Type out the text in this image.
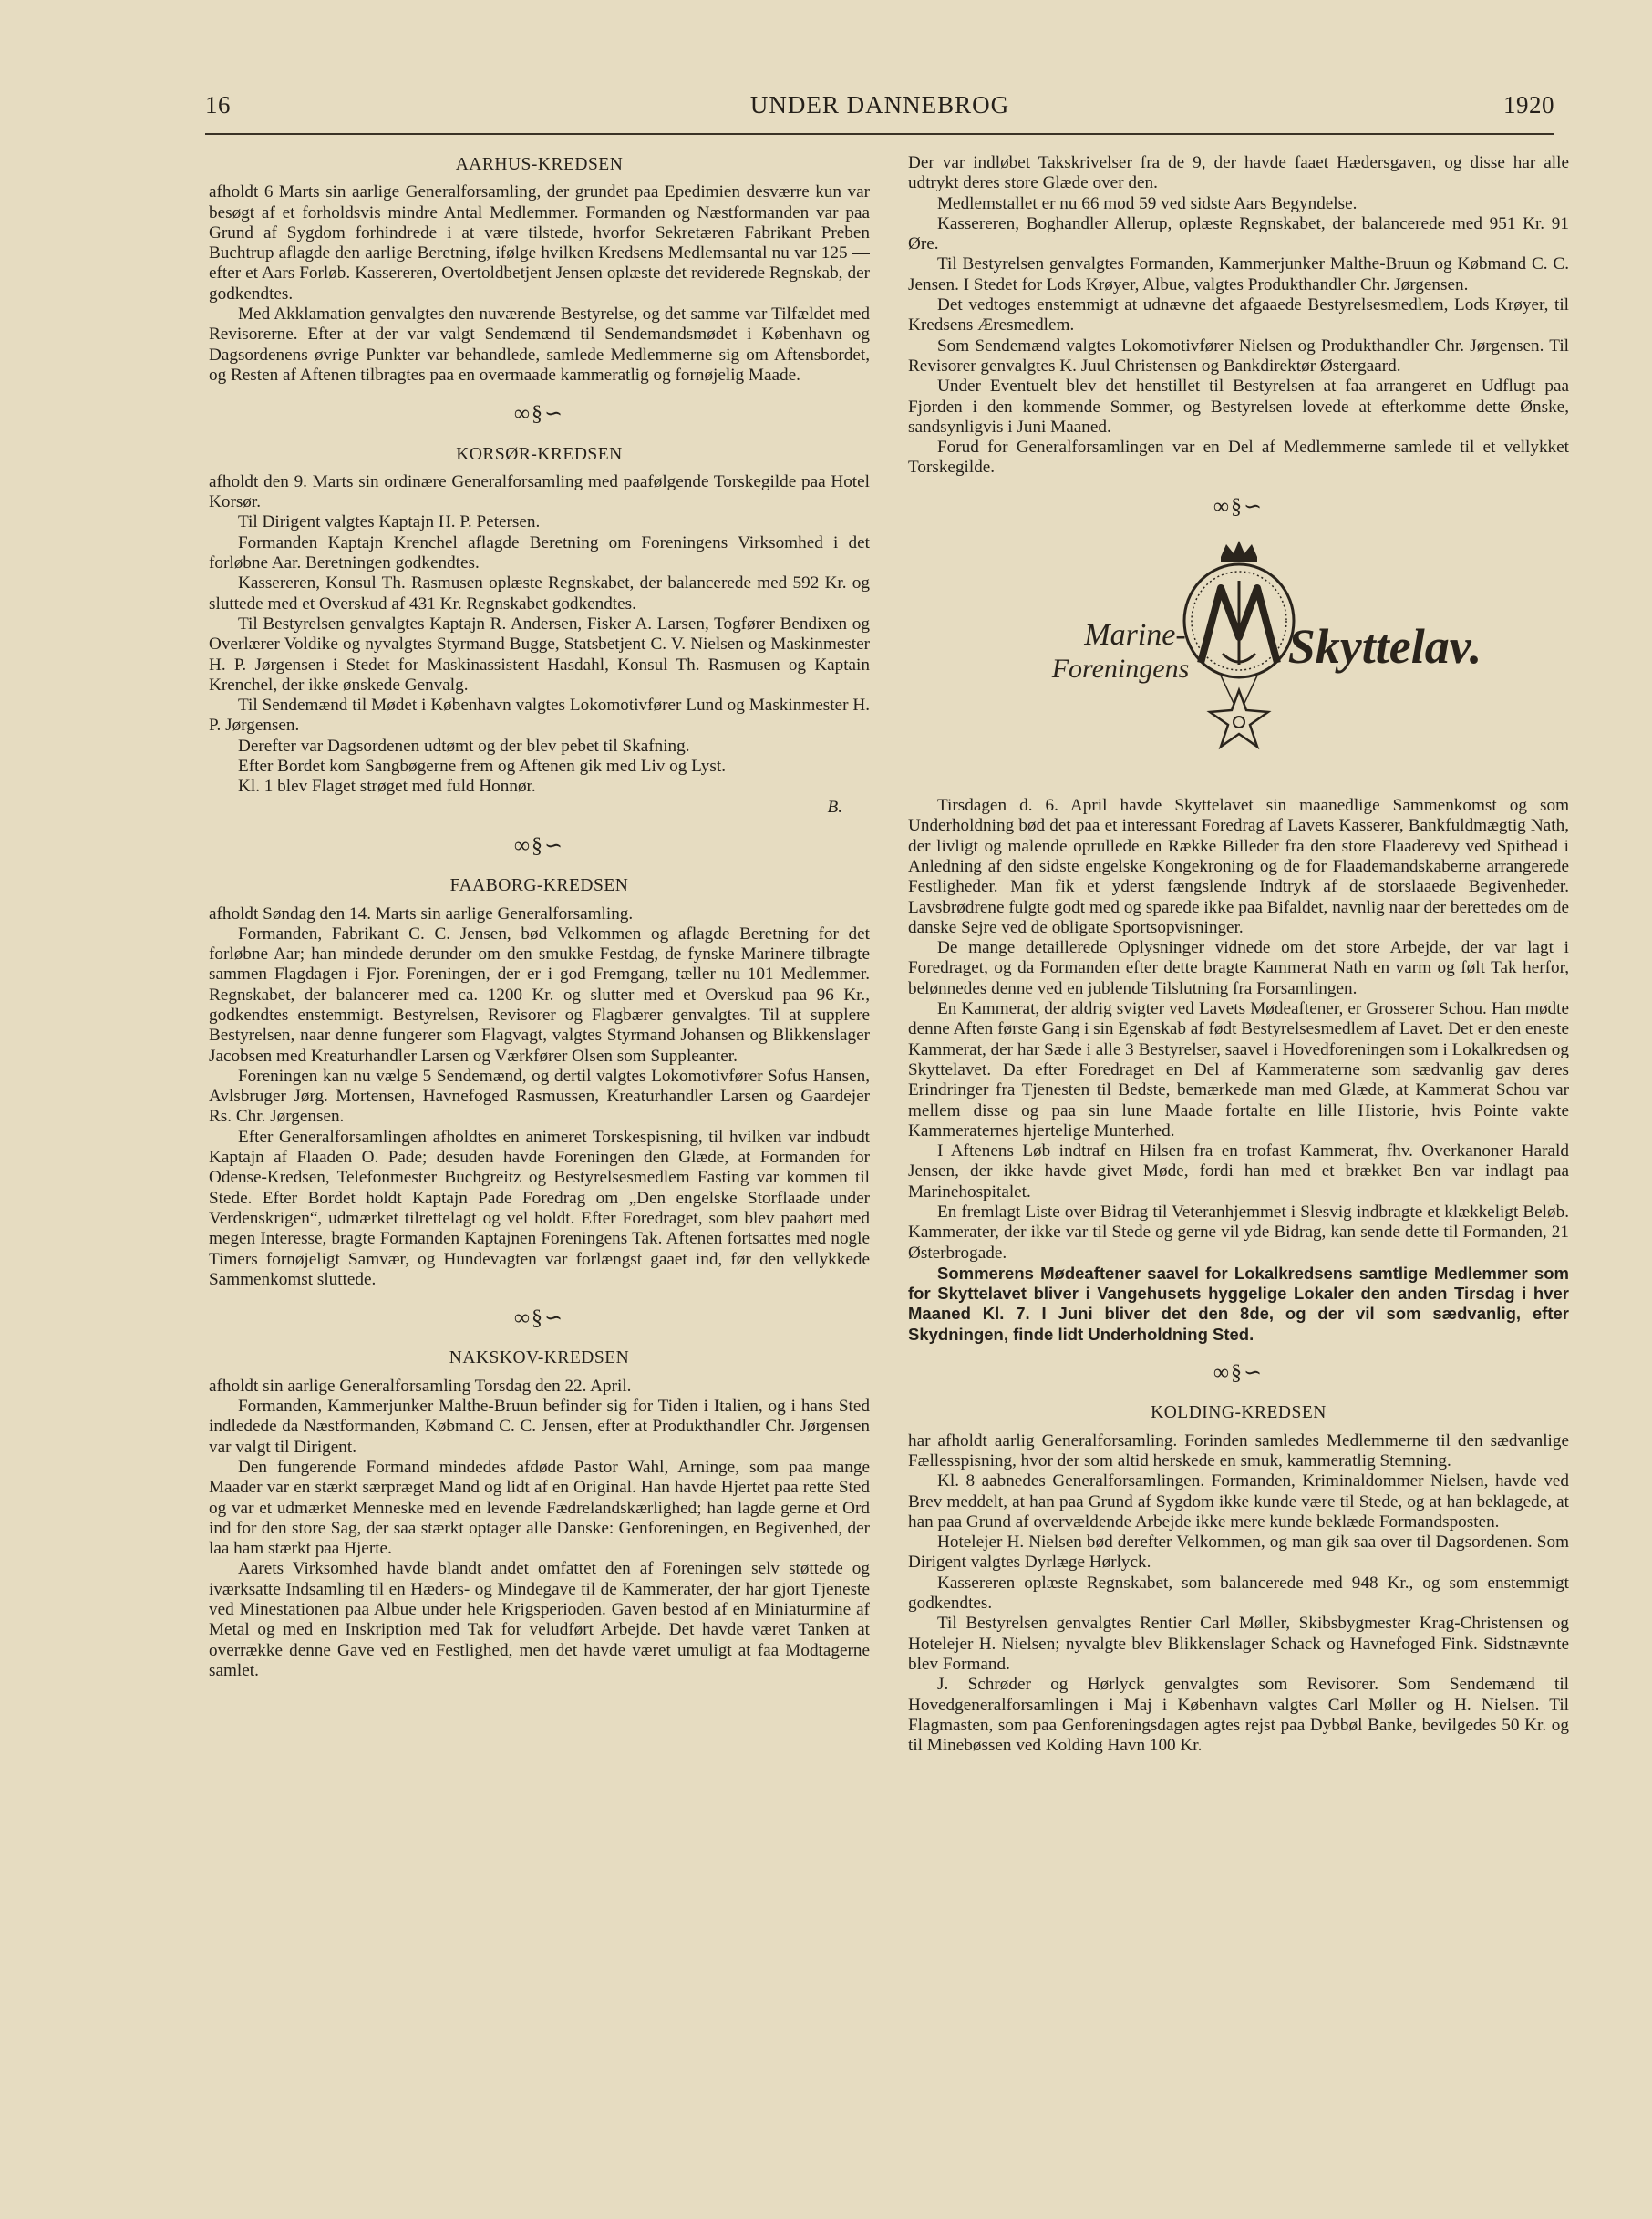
16	UNDER DANNEBROG	1920
AARHUS-KREDSEN

afholdt 6 Marts sin aarlige Generalforsamling, der grundet paa Epedimien desværre kun var besøgt af et forholdsvis mindre Antal Medlemmer. Formanden og Næstformanden var paa Grund af Sygdom forhindrede i at være tilstede, hvorfor Sekretæren Fabrikant Preben Buchtrup aflagde den aarlige Beretning, ifølge hvilken Kredsens Medlemsantal nu var 125 — efter et Aars Forløb. Kassereren, Overtoldbetjent Jensen oplæste det reviderede Regnskab, der godkendtes.

Med Akklamation genvalgtes den nuværende Bestyrelse, og det samme var Tilfældet med Revisorerne. Efter at der var valgt Sendemænd til Sendemandsmødet i København og Dagsordenens øvrige Punkter var behandlede, samlede Medlemmerne sig om Aftensbordet, og Resten af Aftenen tilbragtes paa en overmaade kammeratlig og fornøjelig Maade.

∞§∽
KORSØR-KREDSEN

afholdt den 9. Marts sin ordinære Generalforsamling med paafølgende Torskegilde paa Hotel Korsør.

Til Dirigent valgtes Kaptajn H. P. Petersen.

Formanden Kaptajn Krenchel aflagde Beretning om Foreningens Virksomhed i det forløbne Aar. Beretningen godkendtes.

Kassereren, Konsul Th. Rasmusen oplæste Regnskabet, der balancerede med 592 Kr. og sluttede med et Overskud af 431 Kr. Regnskabet godkendtes.

Til Bestyrelsen genvalgtes Kaptajn R. Andersen, Fisker A. Larsen, Togfører Bendixen og Overlærer Voldike og nyvalgtes Styrmand Bugge, Statsbetjent C. V. Nielsen og Maskinmester H. P. Jørgensen i Stedet for Maskinassistent Hasdahl, Konsul Th. Rasmusen og Kaptain Krenchel, der ikke ønskede Genvalg.

Til Sendemænd til Mødet i København valgtes Lokomotivfører Lund og Maskinmester H. P. Jørgensen.

Derefter var Dagsordenen udtømt og der blev pebet til Skafning.

Efter Bordet kom Sangbøgerne frem og Aftenen gik med Liv og Lyst.

Kl. 1 blev Flaget strøget med fuld Honnør.

B.

∞§∽
FAABORG-KREDSEN

afholdt Søndag den 14. Marts sin aarlige Generalforsamling.

Formanden, Fabrikant C. C. Jensen, bød Velkommen og aflagde Beretning for det forløbne Aar; han mindede derunder om den smukke Festdag, de fynske Marinere tilbragte sammen Flagdagen i Fjor. Foreningen, der er i god Fremgang, tæller nu 101 Medlemmer. Regnskabet, der balancerer med ca. 1200 Kr. og slutter med et Overskud paa 96 Kr., godkendtes enstemmigt. Bestyrelsen, Revisorer og Flagbærer genvalgtes. Til at supplere Bestyrelsen, naar denne fungerer som Flagvagt, valgtes Styrmand Johansen og Blikkenslager Jacobsen med Kreaturhandler Larsen og Værkfører Olsen som Suppleanter.

Foreningen kan nu vælge 5 Sendemænd, og dertil valgtes Lokomotivfører Sofus Hansen, Avlsbruger Jørg. Mortensen, Havnefoged Rasmussen, Kreaturhandler Larsen og Gaardejer Rs. Chr. Jørgensen.

Efter Generalforsamlingen afholdtes en animeret Torskespisning, til hvilken var indbudt Kaptajn af Flaaden O. Pade; desuden havde Foreningen den Glæde, at Formanden for Odense-Kredsen, Telefonmester Buchgreitz og Bestyrelsesmedlem Fasting var kommen til Stede. Efter Bordet holdt Kaptajn Pade Foredrag om „Den engelske Storflaade under Verdenskrigen“, udmærket tilrettelagt og vel holdt. Efter Foredraget, som blev paahørt med megen Interesse, bragte Formanden Kaptajnen Foreningens Tak. Aftenen fortsattes med nogle Timers fornøjeligt Samvær, og Hundevagten var forlængst gaaet ind, før den vellykkede Sammenkomst sluttede.

∞§∽
NAKSKOV-KREDSEN

afholdt sin aarlige Generalforsamling Torsdag den 22. April.

Formanden, Kammerjunker Malthe-Bruun befinder sig for Tiden i Italien, og i hans Sted indledede da Næstformanden, Købmand C. C. Jensen, efter at Produkthandler Chr. Jørgensen var valgt til Dirigent.

Den fungerende Formand mindedes afdøde Pastor Wahl, Arninge, som paa mange Maader var en stærkt særpræget Mand og lidt af en Original. Han havde Hjertet paa rette Sted og var et udmærket Menneske med en levende Fædrelandskærlighed; han lagde gerne et Ord ind for den store Sag, der saa stærkt optager alle Danske: Genforeningen, en Begivenhed, der laa ham stærkt paa Hjerte.

Aarets Virksomhed havde blandt andet omfattet den af Foreningen selv støttede og iværksatte Indsamling til en Hæders- og Mindegave til de Kammerater, der har gjort Tjeneste ved Minestationen paa Albue under hele Krigsperioden. Gaven bestod af en Miniaturmine af Metal og med en Inskription med Tak for veludført Arbejde. Det havde været Tanken at overrække denne Gave ved en Festlighed, men det havde været umuligt at faa Modtagerne samlet.

Der var indløbet Takskrivelser fra de 9, der havde faaet Hædersgaven, og disse har alle udtrykt deres store Glæde over den.

Medlemstallet er nu 66 mod 59 ved sidste Aars Begyndelse.

Kassereren, Boghandler Allerup, oplæste Regnskabet, der balancerede med 951 Kr. 91 Øre.

Til Bestyrelsen genvalgtes Formanden, Kammerjunker Malthe-Bruun og Købmand C. C. Jensen. I Stedet for Lods Krøyer, Albue, valgtes Produkthandler Chr. Jørgensen.

Det vedtoges enstemmigt at udnævne det afgaaede Bestyrelsesmedlem, Lods Krøyer, til Kredsens Æresmedlem.

Som Sendemænd valgtes Lokomotivfører Nielsen og Produkthandler Chr. Jørgensen. Til Revisorer genvalgtes K. Juul Christensen og Bankdirektør Østergaard.

Under Eventuelt blev det henstillet til Bestyrelsen at faa arrangeret en Udflugt paa Fjorden i den kommende Sommer, og Bestyrelsen lovede at efterkomme dette Ønske, sandsynligvis i Juni Maaned.

Forud for Generalforsamlingen var en Del af Medlemmerne samlede til et vellykket Torskegilde.

∞§∽
Marine-
Foreningens Skyttelav.

Tirsdagen d. 6. April havde Skyttelavet sin maanedlige Sammenkomst og som Underholdning bød det paa et interessant Foredrag af Lavets Kasserer, Bankfuldmægtig Nath, der livligt og malende oprullede en Række Billeder fra den store Flaaderevy ved Spithead i Anledning af den sidste engelske Kongekroning og de for Flaademandskaberne arrangerede Festligheder. Man fik et yderst fængslende Indtryk af de storslaaede Begivenheder. Lavsbrødrene fulgte godt med og sparede ikke paa Bifaldet, navnlig naar der berettedes om de danske Sejre ved de obligate Sportsopvisninger.

De mange detaillerede Oplysninger vidnede om det store Arbejde, der var lagt i Foredraget, og da Formanden efter dette bragte Kammerat Nath en varm og følt Tak herfor, belønnedes denne ved en jublende Tilslutning fra Forsamlingen.

En Kammerat, der aldrig svigter ved Lavets Mødeaftener, er Grosserer Schou. Han mødte denne Aften første Gang i sin Egenskab af født Bestyrelsesmedlem af Lavet. Det er den eneste Kammerat, der har Sæde i alle 3 Bestyrelser, saavel i Hovedforeningen som i Lokalkredsen og Skyttelavet. Da efter Foredraget en Del af Kammeraterne som sædvanlig gav deres Erindringer fra Tjenesten til Bedste, bemærkede man med Glæde, at Kammerat Schou var mellem disse og paa sin lune Maade fortalte en lille Historie, hvis Pointe vakte Kammeraternes hjertelige Munterhed.

I Aftenens Løb indtraf en Hilsen fra en trofast Kammerat, fhv. Overkanoner Harald Jensen, der ikke havde givet Møde, fordi han med et brækket Ben var indlagt paa Marinehospitalet.

En fremlagt Liste over Bidrag til Veteranhjemmet i Slesvig indbragte et klækkeligt Beløb. Kammerater, der ikke var til Stede og gerne vil yde Bidrag, kan sende dette til Formanden, 21 Østerbrogade.

Sommerens Mødeaftener saavel for Lokalkredsens samtlige Medlemmer som for Skyttelavet bliver i Vangehusets hyggelige Lokaler den anden Tirsdag i hver Maaned Kl. 7. I Juni bliver det den 8de, og der vil som sædvanlig, efter Skydningen, finde lidt Underholdning Sted.

∞§∽
KOLDING-KREDSEN

har afholdt aarlig Generalforsamling. Forinden samledes Medlemmerne til den sædvanlige Fællesspisning, hvor der som altid herskede en smuk, kammeratlig Stemning.

Kl. 8 aabnedes Generalforsamlingen. Formanden, Kriminaldommer Nielsen, havde ved Brev meddelt, at han paa Grund af Sygdom ikke kunde være til Stede, og at han beklagede, at han paa Grund af overvældende Arbejde ikke mere kunde beklæde Formandsposten.

Hotelejer H. Nielsen bød derefter Velkommen, og man gik saa over til Dagsordenen. Som Dirigent valgtes Dyrlæge Hørlyck.

Kassereren oplæste Regnskabet, som balancerede med 948 Kr., og som enstemmigt godkendtes.

Til Bestyrelsen genvalgtes Rentier Carl Møller, Skibsbygmester Krag-Christensen og Hotelejer H. Nielsen; nyvalgte blev Blikkenslager Schack og Havnefoged Fink. Sidstnævnte blev Formand.

J. Schrøder og Hørlyck genvalgtes som Revisorer. Som Sendemænd til Hovedgeneralforsamlingen i Maj i København valgtes Carl Møller og H. Nielsen. Til Flagmasten, som paa Genforeningsdagen agtes rejst paa Dybbøl Banke, bevilgedes 50 Kr. og til Minebøssen ved Kolding Havn 100 Kr.
